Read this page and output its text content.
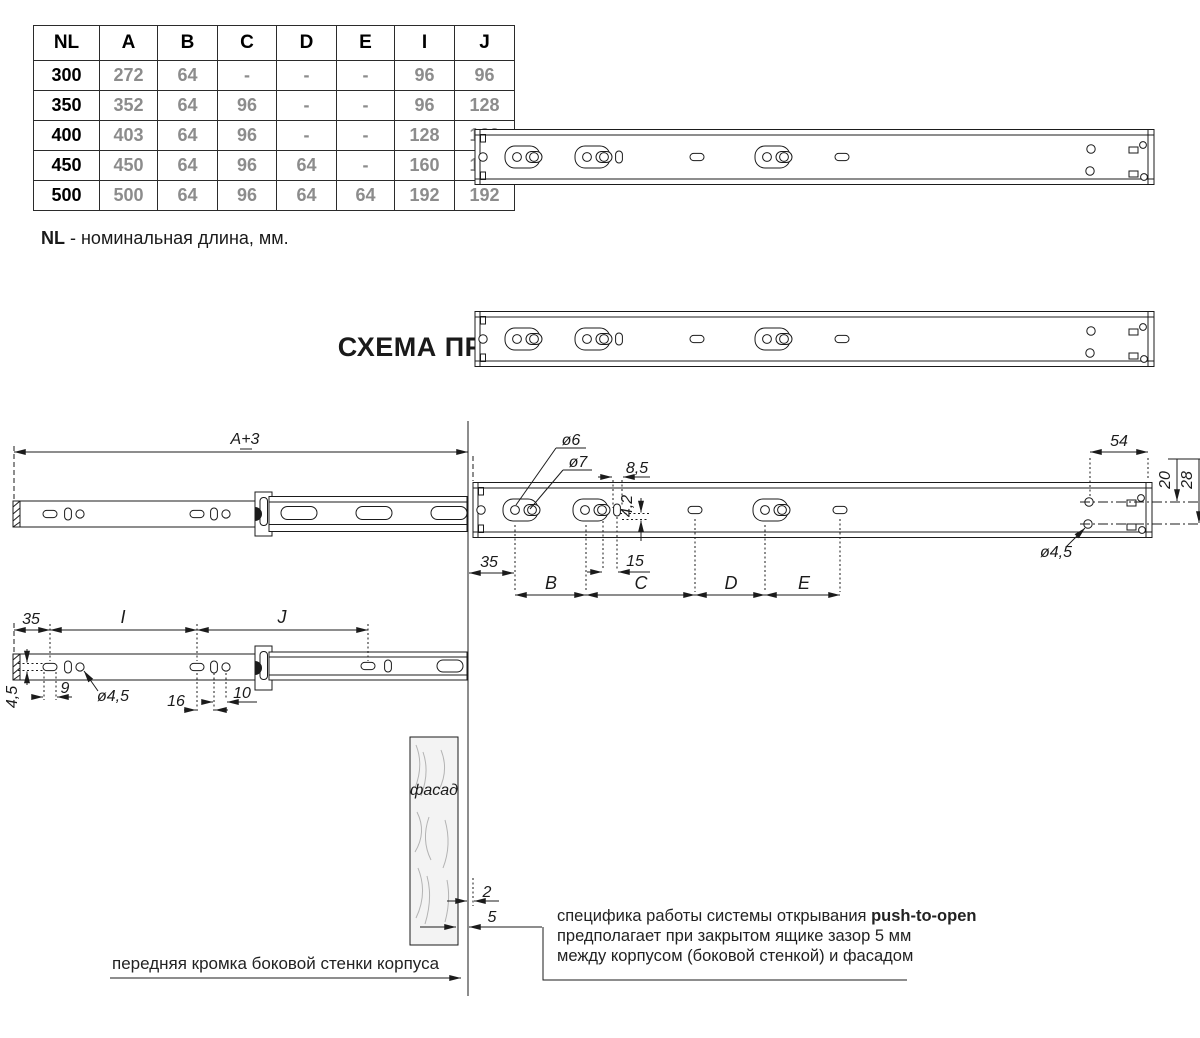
NL	A	B	C	D	E	I	J
300	272	64	-	-	-	96	96
350	352	64	96	-	-	96	128
400	403	64	96	-	-	128	160
450	450	64	96	64	-	160	160
500	500	64	96	64	64	192	192
NL - номинальная длина, мм.
СХЕМА ПРИСАДКИ НАПРАВЛЯЮЩИХ
A+3	ø6
ø7 8,5
4,2
35	15
B	C	D	E
54
20 28
ø4,5
35	I	J
4,5 9 ø4,5 16	10
фасад
2
5	специфика работы системы открывания push-to-open
предполагает при закрытом ящике зазор 5 мм
между корпусом (боковой стенкой) и фасадом
передняя кромка боковой стенки корпуса
